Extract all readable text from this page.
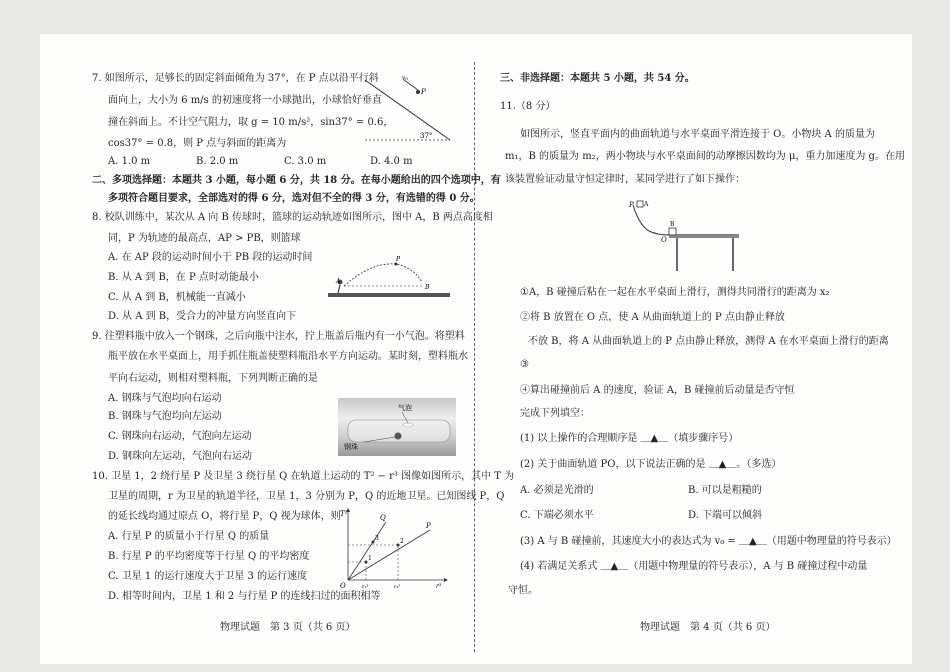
7. 如图所示，足够长的固定斜面倾角为 37°，在 P 点以沿平行斜
面向上，大小为 6 m/s 的初速度将一小球抛出，小球恰好垂直
撞在斜面上。不计空气阻力，取 g = 10 m/s²，sin37° = 0.6，
cos37° = 0.8，则 P 点与斜面的距离为
A. 1.0 m	B. 2.0 m	C. 3.0 m	D. 4.0 m
v₀
P
37°
二、多项选择题：本题共 3 小题，每小题 6 分，共 18 分。在每小题给出的四个选项中，有
多项符合题目要求，全部选对的得 6 分，选对但不全的得 3 分，有选错的得 0 分。
8. 校队训练中，某次从 A 向 B 传球时，篮球的运动轨迹如图所示，图中 A，B 两点高度相
同，P 为轨迹的最高点，AP > PB，则篮球
A. 在 AP 段的运动时间小于 PB 段的运动时间
B. 从 A 到 B，在 P 点时动能最小
C. 从 A 到 B，机械能一直减小
D. 从 A 到 B，受合力的冲量方向竖直向下
A
B
P
9. 往塑料瓶中放入一个钢珠，之后向瓶中注水，拧上瓶盖后瓶内有一小气泡。将塑料
瓶平放在水平桌面上，用手抓住瓶盖使塑料瓶沿水平方向运动。某时刻，塑料瓶水
平向右运动，则相对塑料瓶，下列判断正确的是
A. 钢珠与气泡均向右运动
B. 钢珠与气泡均向左运动
C. 钢珠向右运动，气泡向左运动
D. 钢珠向左运动，气泡向右运动
气泡
钢珠
10. 卫星 1，2 绕行星 P 及卫星 3 绕行星 Q 在轨道上运动的 T² − r³ 图像如图所示，其中 T 为
卫星的周期，r 为卫星的轨道半径，卫星 1，3 分别为 P，Q 的近地卫星。已知图线 P，Q
的延长线均通过原点 O，将行星 P，Q 视为球体，则
A. 行星 P 的质量小于行星 Q 的质量
B. 行星 P 的平均密度等于行星 Q 的平均密度
C. 卫星 1 的运行速度大于卫星 3 的运行速度
D. 相等时间内，卫星 1 和 2 与行星 P 的连线扫过的面积相等
T²
r³
O
Q
P
1
2
3
r₁³	r₂³
物理试题　第 3 页（共 6 页）
三、非选择题：本题共 5 小题，共 54 分。
11.（8 分）
如图所示，竖直平面内的曲面轨道与水平桌面平滑连接于 O。小物块 A 的质量为
m₁，B 的质量为 m₂，两小物块与水平桌面间的动摩擦因数均为 μ，重力加速度为 g。在用
该装置验证动量守恒定律时，某同学进行了如下操作：
P A
B
O
①A，B 碰撞后粘在一起在水平桌面上滑行，测得共同滑行的距离为 x₂
②将 B 放置在 O 点，使 A 从曲面轨道上的 P 点由静止释放
不放 B，将 A 从曲面轨道上的 P 点由静止释放，测得 A 在水平桌面上滑行的距离
③
④算出碰撞前后 A 的速度，验证 A，B 碰撞前后动量是否守恒
完成下列填空：
(1) 以上操作的合理顺序是 ＿▲＿（填步骤序号）
(2) 关于曲面轨道 PO，以下说法正确的是 ＿▲＿。（多选）
A. 必须是光滑的	B. 可以是粗糙的
C. 下端必须水平	D. 下端可以倾斜
(3) A 与 B 碰撞前，其速度大小的表达式为 v₀ = ＿▲＿（用题中物理量的符号表示）
(4) 若满足关系式 ＿▲＿（用题中物理量的符号表示），A 与 B 碰撞过程中动量
守恒。
物理试题　第 4 页（共 6 页）
